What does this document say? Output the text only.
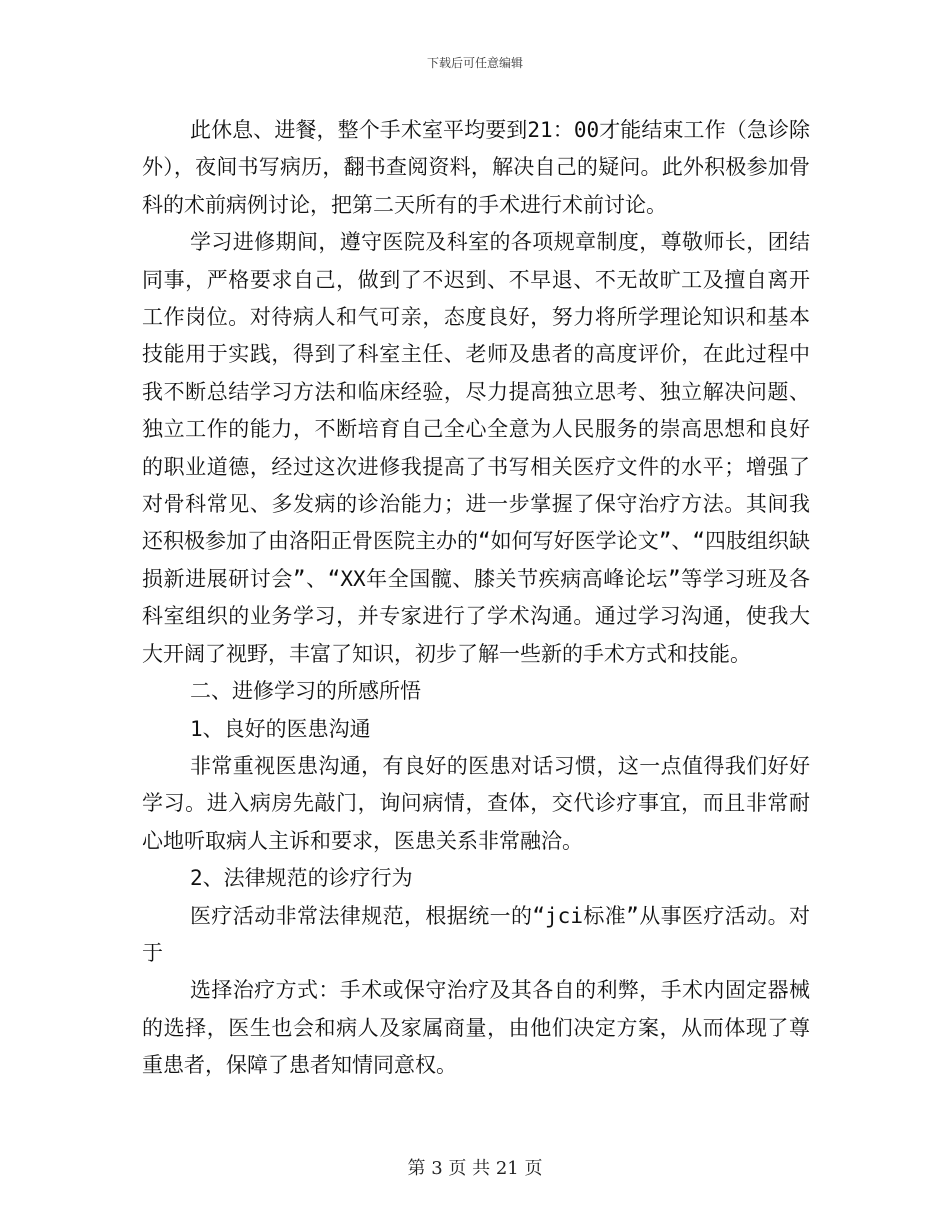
下载后可任意编辑

此休息、进餐，整个手术室平均要到21：00才能结束工作（急诊除外），夜间书写病历，翻书查阅资料，解决自己的疑问。此外积极参加骨科的术前病例讨论，把第二天所有的手术进行术前讨论。

学习进修期间，遵守医院及科室的各项规章制度，尊敬师长，团结同事，严格要求自己，做到了不迟到、不早退、不无故旷工及擅自离开工作岗位。对待病人和气可亲，态度良好，努力将所学理论知识和基本技能用于实践，得到了科室主任、老师及患者的高度评价，在此过程中我不断总结学习方法和临床经验，尽力提高独立思考、独立解决问题、独立工作的能力，不断培育自己全心全意为人民服务的崇高思想和良好的职业道德，经过这次进修我提高了书写相关医疗文件的水平；增强了对骨科常见、多发病的诊治能力；进一步掌握了保守治疗方法。其间我还积极参加了由洛阳正骨医院主办的“如何写好医学论文”、“四肢组织缺损新进展研讨会”、“XX年全国髋、膝关节疾病高峰论坛”等学习班及各科室组织的业务学习，并专家进行了学术沟通。通过学习沟通，使我大大开阔了视野，丰富了知识，初步了解一些新的手术方式和技能。

二、进修学习的所感所悟

1、良好的医患沟通

非常重视医患沟通，有良好的医患对话习惯，这一点值得我们好好学习。进入病房先敲门，询问病情，查体，交代诊疗事宜，而且非常耐心地听取病人主诉和要求，医患关系非常融洽。

2、法律规范的诊疗行为

医疗活动非常法律规范，根据统一的“jci标准”从事医疗活动。对于

选择治疗方式：手术或保守治疗及其各自的利弊，手术内固定器械的选择，医生也会和病人及家属商量，由他们决定方案，从而体现了尊重患者，保障了患者知情同意权。

第 3 页 共 21 页
